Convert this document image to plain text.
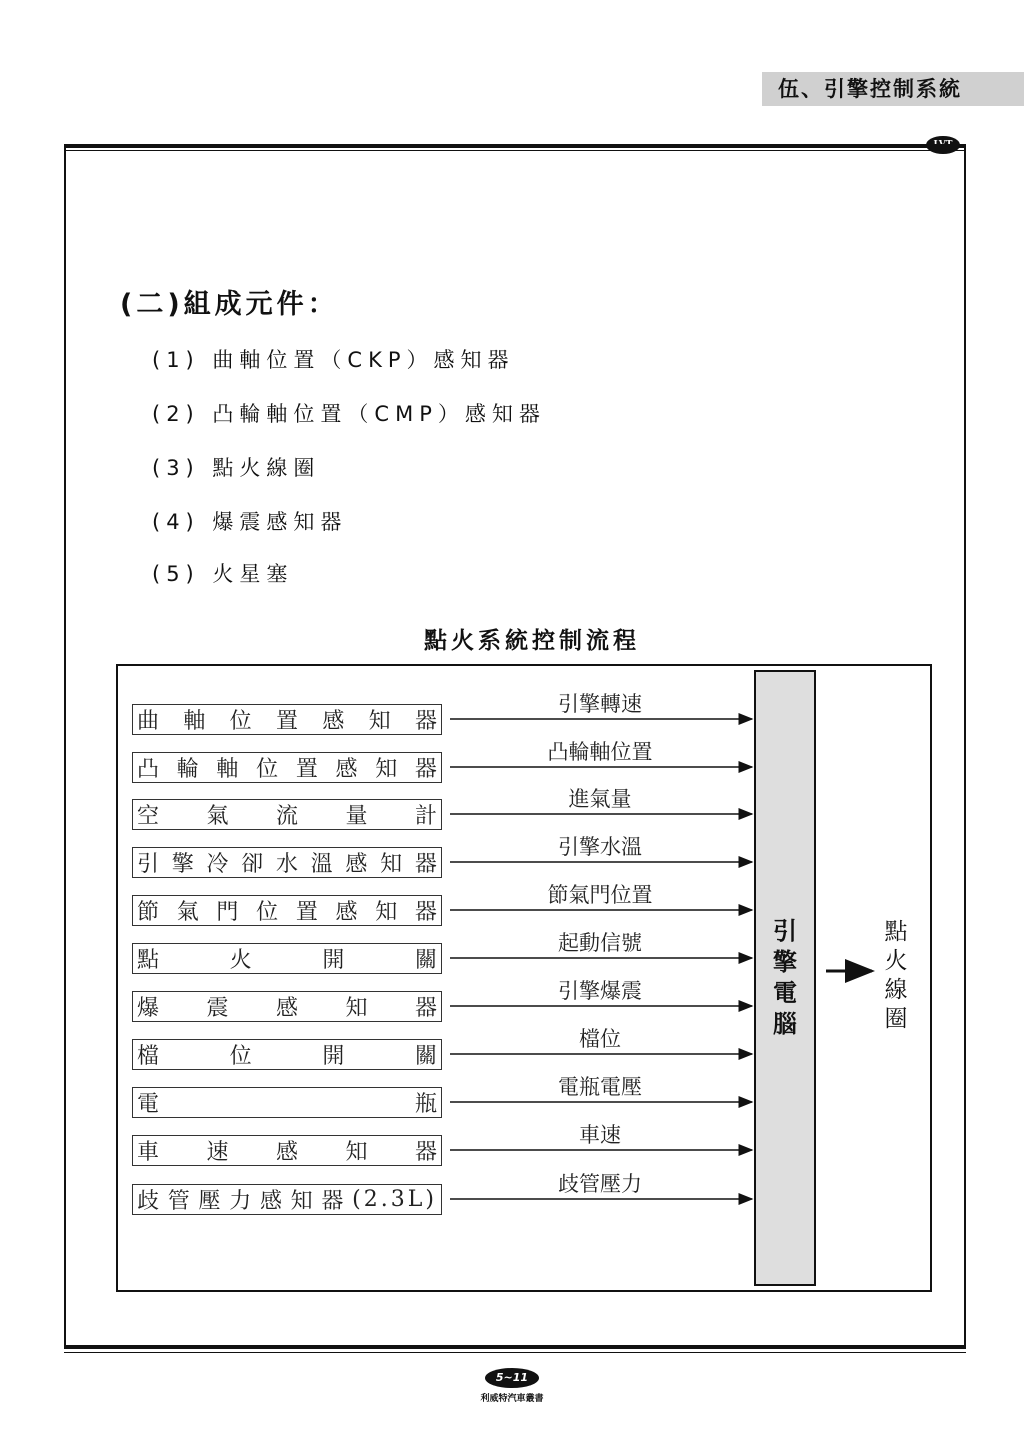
伍、引擎控制系統
(二)組成元件：
(1) 曲軸位置（CKP）感知器
(2) 凸輪軸位置（CMP）感知器
(3) 點火線圈
(4) 爆震感知器
(5) 火星塞
點火系統控制流程
曲 軸 位 置 感 知 器
凸 輪 軸 位 置 感 知 器
空 氣 流 量 計
引 擎 冷 卻 水 溫 感 知 器
節 氣 門 位 置 感 知 器
點	火	開	關
爆 震 感 知 器
檔	位	開	關
電	瓶
車 速 感 知 器
歧 管 壓 力 感 知 器 (2.3L)
引擎轉速
凸輪軸位置
進氣量
引擎水溫
節氣門位置
起動信號
引擎爆震
檔位
電瓶電壓
車速
歧管壓力
引
擎
電
腦
點
火
線
圈
5~11
利威特汽車叢書
